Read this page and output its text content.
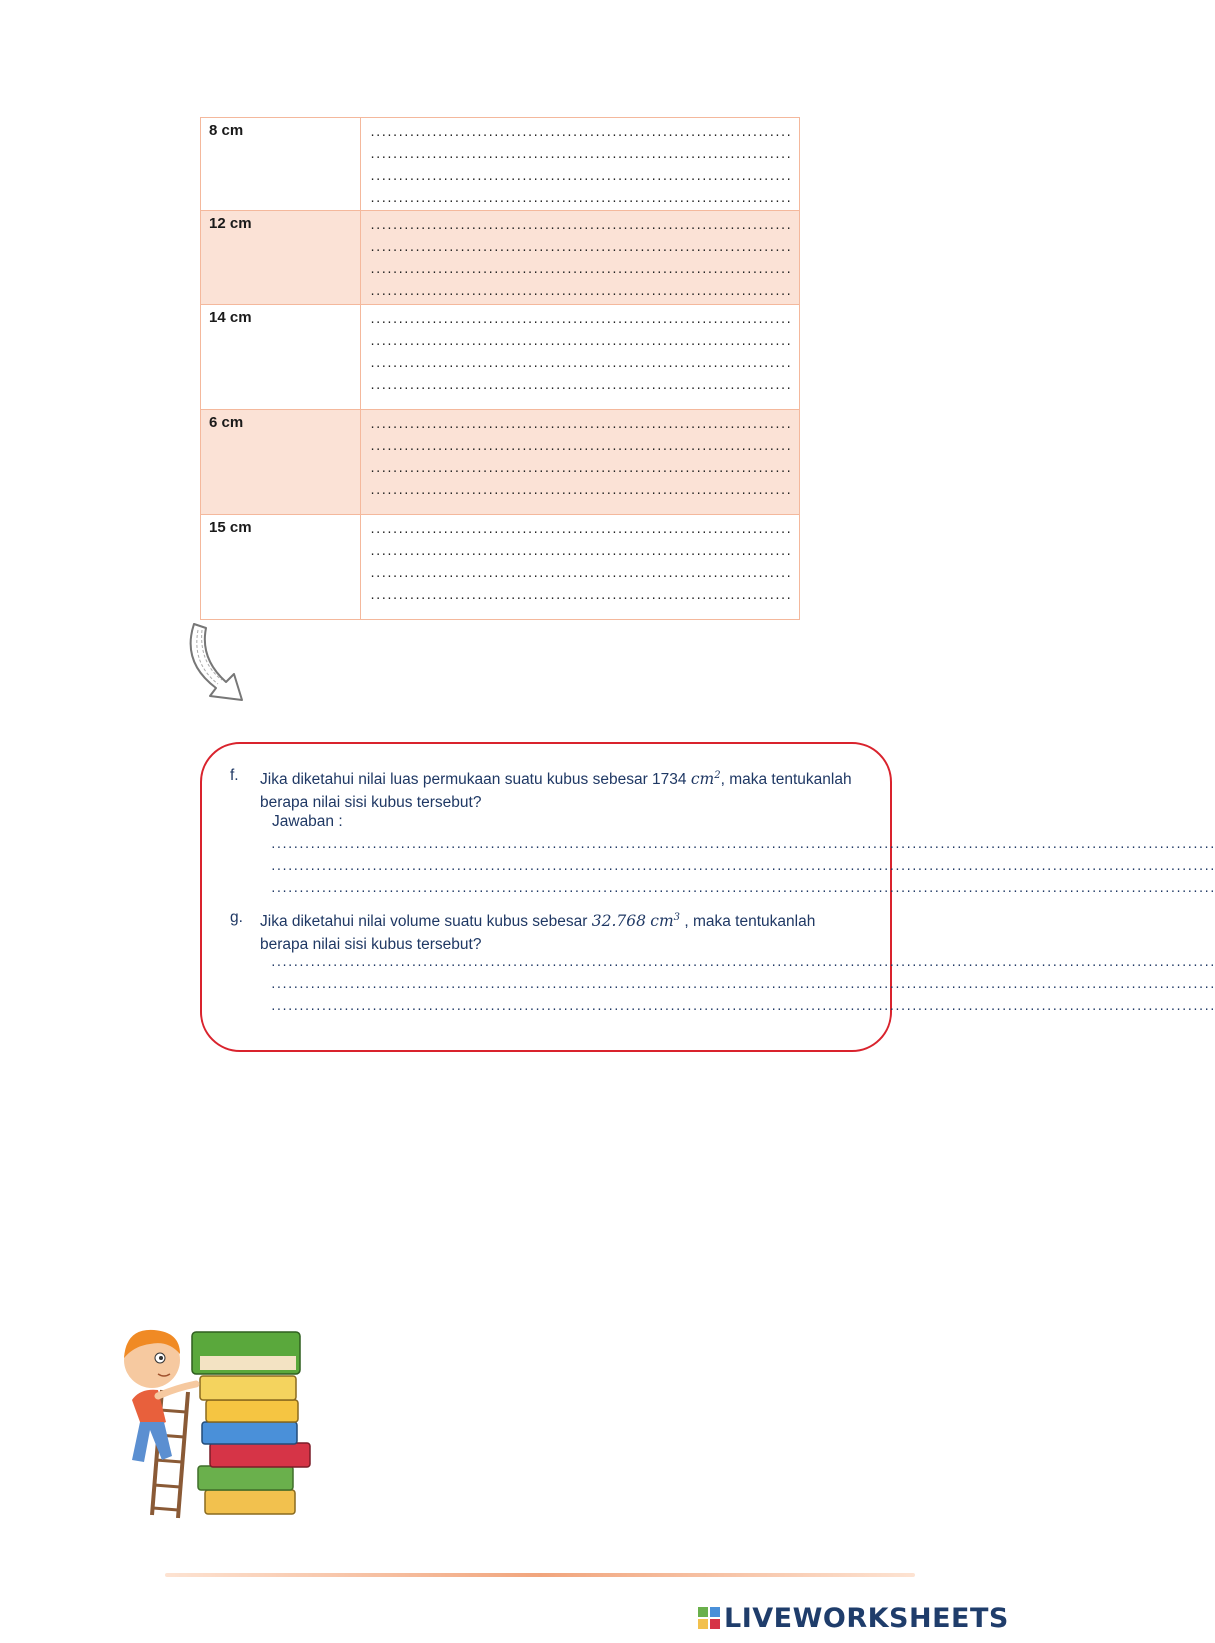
8 cm	...........................................................................
...........................................................................
...........................................................................
...........................................................................
12 cm	...........................................................................
...........................................................................
...........................................................................
...........................................................................
14 cm	...........................................................................
...........................................................................
...........................................................................
...........................................................................
6 cm	...........................................................................
...........................................................................
...........................................................................
...........................................................................
15 cm	...........................................................................
...........................................................................
...........................................................................
...........................................................................
f. Jika diketahui nilai luas permukaan suatu kubus sebesar 1734 $cm^2$, maka tentukanlah berapa nilai sisi kubus tersebut?
Jawaban :
........................................................................................................................................................................
........................................................................................................................................................................
........................................................................................................................................................................
g. Jika diketahui nilai volume suatu kubus sebesar 32.768 $cm^3$ , maka tentukanlah berapa nilai sisi kubus tersebut?
........................................................................................................................................................................
........................................................................................................................................................................
........................................................................................................................................................................
LIVEWORKSHEETS
